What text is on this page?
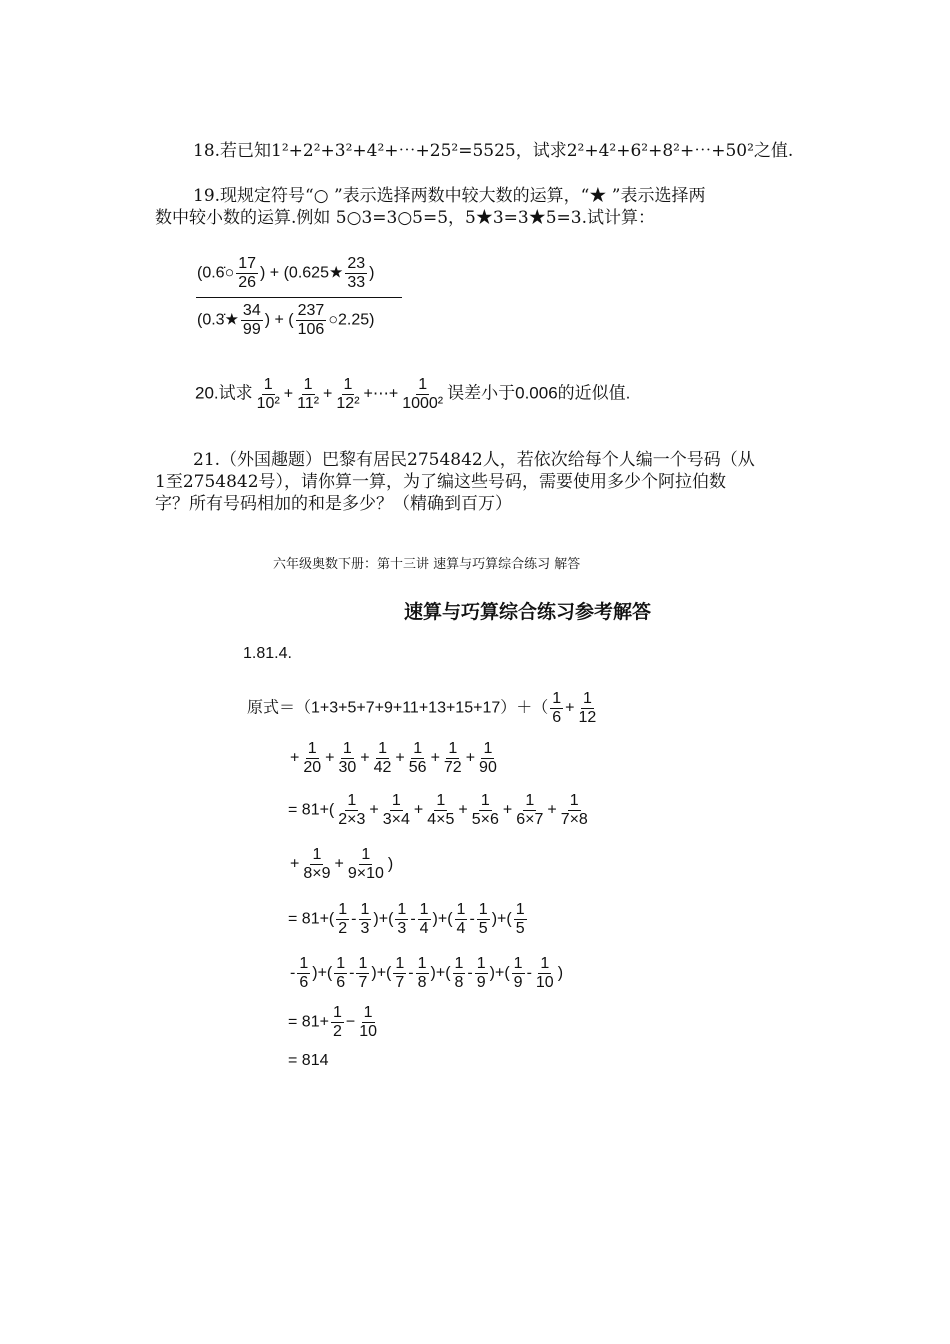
18.若已知1²+2²+3²+4²+⋯+25²=5525，试求2²+4²+6²+8²+⋯+50²之值.
19.现规定符号“○ ”表示选择两数中较大数的运算，“★ ”表示选择两
数中较小数的运算.例如 5○3=3○5=5，5★3=3★5=3.试计算：
(0.6̇○ $\frac{17}{26}$ ) + (0.625★ $\frac{23}{33}$ )
(0.3̇★ $\frac{34}{99}$ ) + ( $\frac{237}{106}$ ○2.25)
20.试求 $\frac{1}{\text{10²}} + \frac{1}{\text{11²}} + \frac{1}{\text{12²}}$ +⋯+ $\frac{1}{\text{1000²}}$ 误差小于0.006的近似值.
21.（外国趣题）巴黎有居民2754842人，若依次给每个人编一个号码（从
1至2754842号），请你算一算，为了编这些号码，需要使用多少个阿拉伯数
字？所有号码相加的和是多少？（精确到百万）
六年级奥数下册：第十三讲 速算与巧算综合练习 解答
速算与巧算综合练习参考解答
1.81.4.
原式$=(1+3+5+7+9+11+13+15+17)+( \frac{1}{6} + \frac{1}{12}$
+ $\frac{1}{20} + \frac{1}{30} + \frac{1}{42} + \frac{1}{56} + \frac{1}{72} + \frac{1}{90}$
= $81+( \frac{1}{2\times 3} + \frac{1}{3\times 4} + \frac{1}{4\times 5} + \frac{1}{5\times 6} + \frac{1}{6\times 7} + \frac{1}{7\times 8}$
+ $\frac{1}{8\times 9} + \frac{1}{9\times 10}$ )
= $81+( \frac{1}{2} - \frac{1}{3}$ )+( $\frac{1}{3} - \frac{1}{4}$ )+( $\frac{1}{4} - \frac{1}{5}$ )+( $\frac{1}{5}$
- $\frac{1}{6}$ )+( $\frac{1}{6} - \frac{1}{7}$ )+( $\frac{1}{7} - \frac{1}{8}$ )+( $\frac{1}{8} - \frac{1}{9}$ )+( $\frac{1}{9} - \frac{1}{10}$ )
= $81+ \frac{1}{2} - \frac{1}{10}$
= 814
